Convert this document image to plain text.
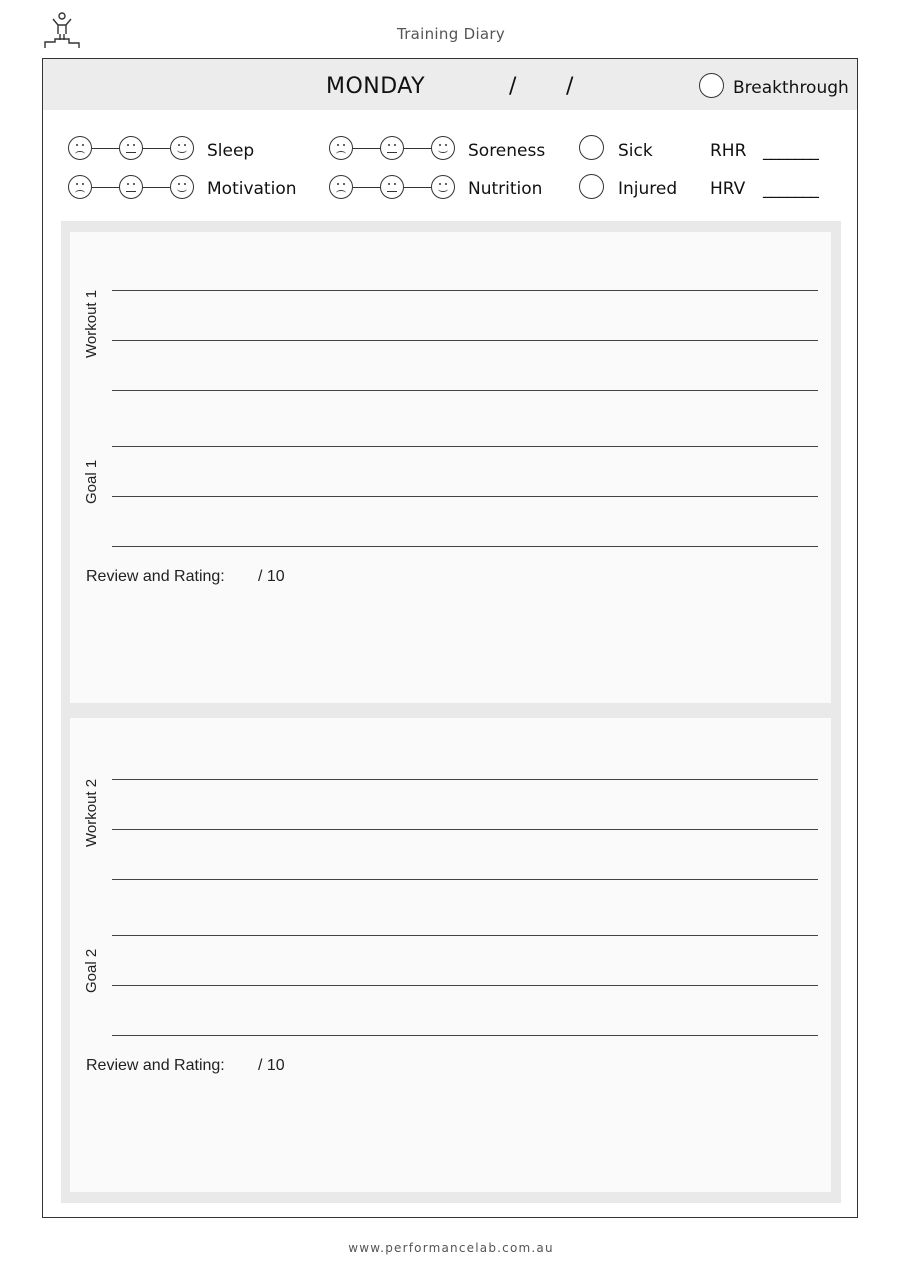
Training Diary
MONDAY	/ /	Breakthrough
Sleep
Motivation
Soreness
Nutrition
Sick
Injured
RHR _______
HRV _______
Workout 1
Goal 1
Review and Rating: / 10
Workout 2
Goal 2
Review and Rating: / 10
www.performancelab.com.au
